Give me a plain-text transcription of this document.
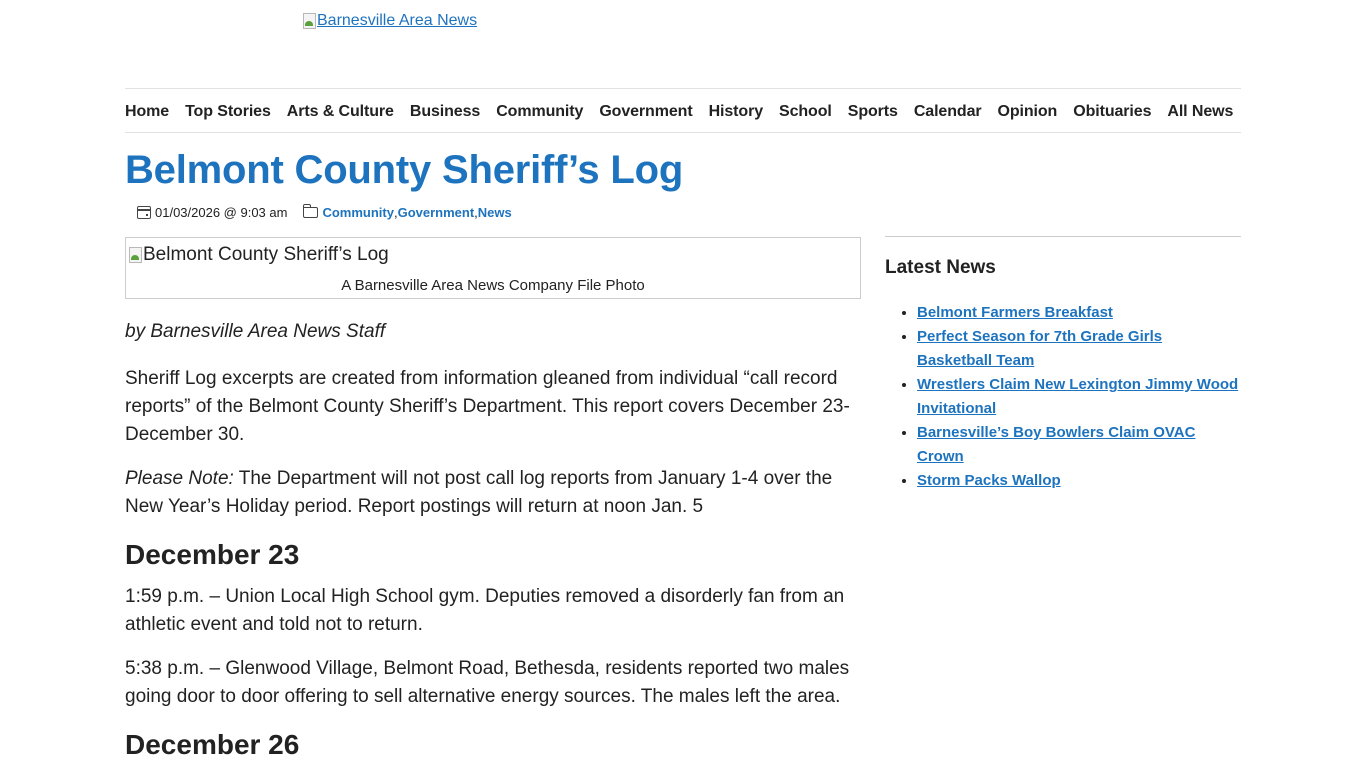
Barnesville Area News
Home Top Stories Arts & Culture Business Community Government History School Sports Calendar Opinion Obituaries All News
Belmont County Sheriff’s Log
01/03/2026 @ 9:03 am	Community , Government , News
Belmont County Sheriff’s Log
A Barnesville Area News Company File Photo

by Barnesville Area News Staff

Sheriff Log excerpts are created from information gleaned from individual “call record reports” of the Belmont County Sheriff’s Department. This report covers December 23-December 30.

Please Note: The Department will not post call log reports from January 1-4 over the New Year’s Holiday period. Report postings will return at noon Jan. 5

December 23

1:59 p.m. – Union Local High School gym. Deputies removed a disorderly fan from an athletic event and told not to return.

5:38 p.m. – Glenwood Village, Belmont Road, Bethesda, residents reported two males going door to door offering to sell alternative energy sources. The males left the area.

December 26
Latest News
• Belmont Farmers Breakfast
• Perfect Season for 7th Grade Girls Basketball Team
• Wrestlers Claim New Lexington Jimmy Wood Invitational
• Barnesville’s Boy Bowlers Claim OVAC Crown
• Storm Packs Wallop
